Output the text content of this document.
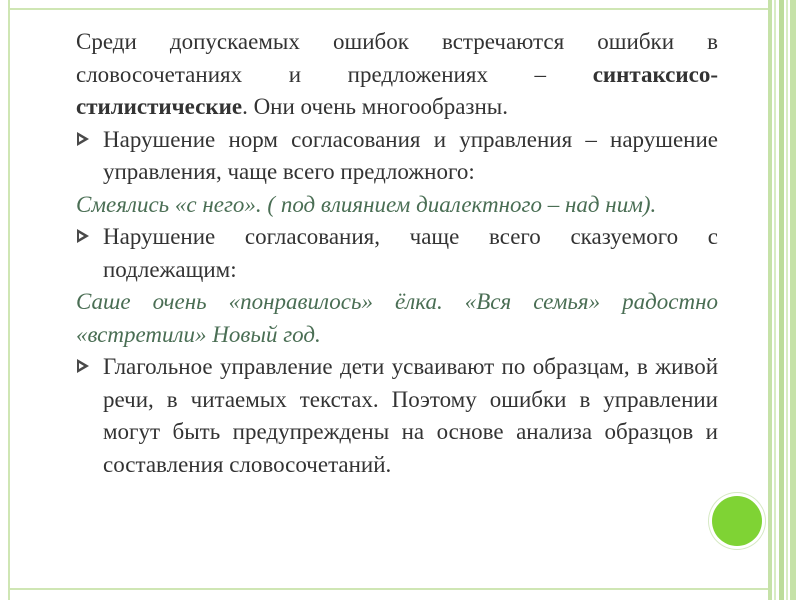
Среди допускаемых ошибок встречаются ошибки в словосочетаниях и предложениях – синтаксисо-стилистические. Они очень многообразны.

Нарушение норм согласования и управления – нарушение управления, чаще всего предложного:

Смеялись «с него». ( под влиянием диалектного – над ним).

Нарушение согласования, чаще всего сказуемого с подлежащим:

Саше очень «понравилось» ёлка. «Вся семья» радостно «встретили» Новый год.

Глагольное управление дети усваивают по образцам, в живой речи, в читаемых текстах. Поэтому ошибки в управлении могут быть предупреждены на основе анализа образцов и составления словосочетаний.
